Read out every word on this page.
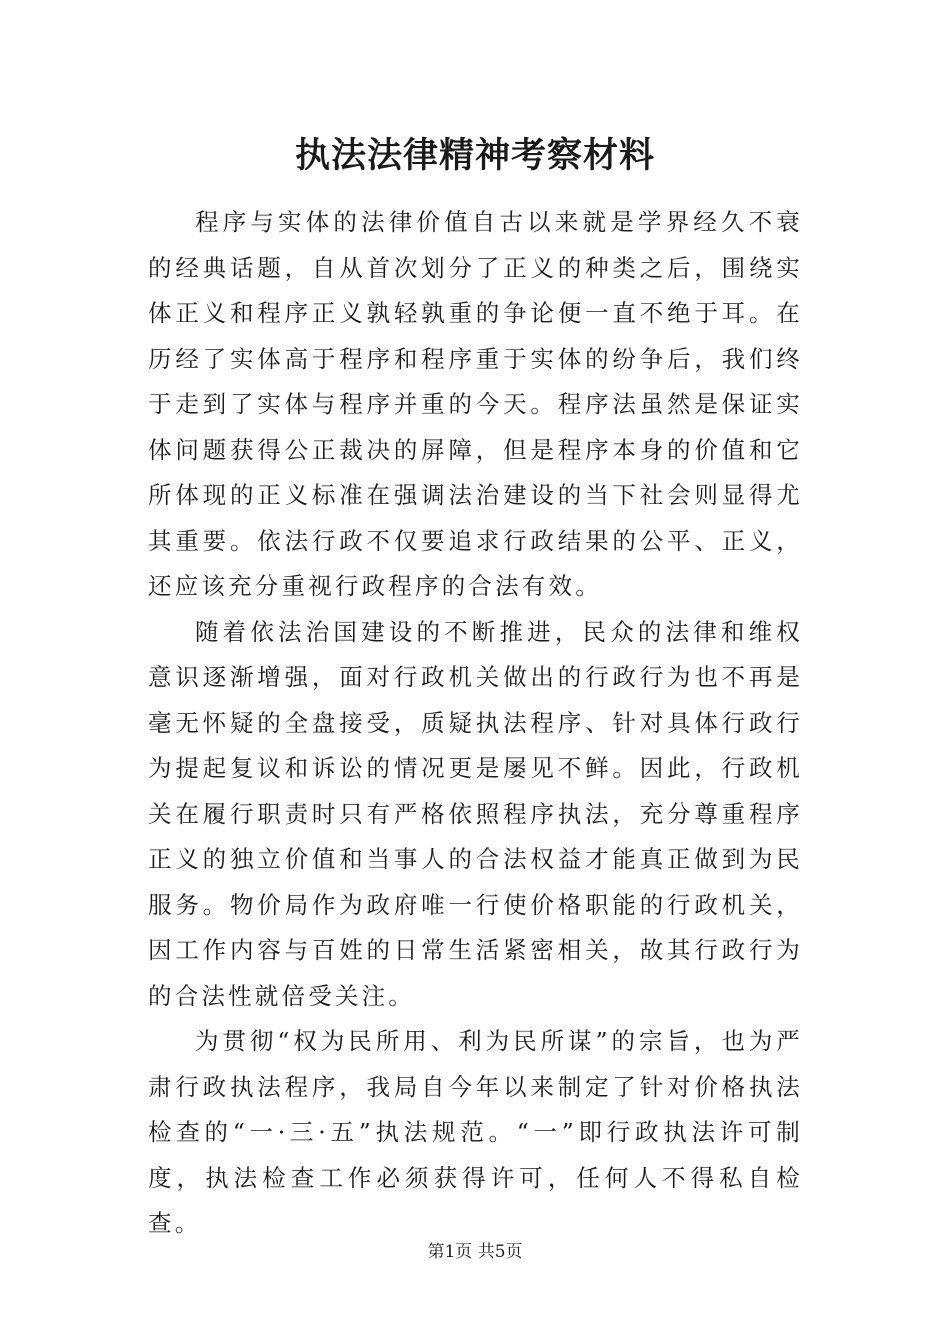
执法法律精神考察材料

程序与实体的法律价值自古以来就是学界经久不衰的经典话题，自从首次划分了正义的种类之后，围绕实体正义和程序正义孰轻孰重的争论便一直不绝于耳。在历经了实体高于程序和程序重于实体的纷争后，我们终于走到了实体与程序并重的今天。程序法虽然是保证实体问题获得公正裁决的屏障，但是程序本身的价值和它所体现的正义标准在强调法治建设的当下社会则显得尤其重要。依法行政不仅要追求行政结果的公平、正义，还应该充分重视行政程序的合法有效。

随着依法治国建设的不断推进，民众的法律和维权意识逐渐增强，面对行政机关做出的行政行为也不再是毫无怀疑的全盘接受，质疑执法程序、针对具体行政行为提起复议和诉讼的情况更是屡见不鲜。因此，行政机关在履行职责时只有严格依照程序执法，充分尊重程序正义的独立价值和当事人的合法权益才能真正做到为民服务。物价局作为政府唯一行使价格职能的行政机关，因工作内容与百姓的日常生活紧密相关，故其行政行为的合法性就倍受关注。

为贯彻“权为民所用、利为民所谋”的宗旨，也为严肃行政执法程序，我局自今年以来制定了针对价格执法检查的“一·三·五”执法规范。“一”即行政执法许可制度，执法检查工作必须获得许可，任何人不得私自检查。

第1页 共5页
